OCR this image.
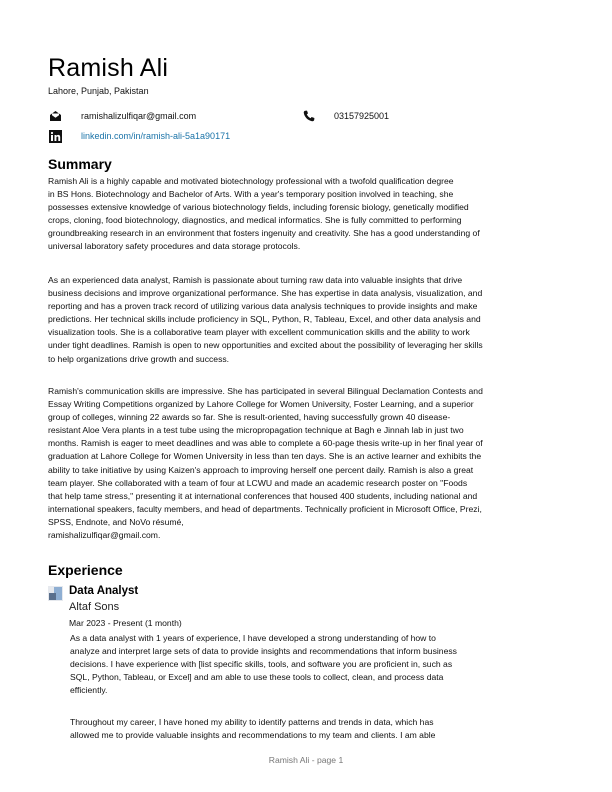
Ramish Ali
Lahore, Punjab, Pakistan
ramishalizulfiqar@gmail.com	03157925001
linkedin.com/in/ramish-ali-5a1a90171
Summary
Ramish Ali is a highly capable and motivated biotechnology professional with a twofold qualification degree
in BS Hons. Biotechnology and Bachelor of Arts. With a year's temporary position involved in teaching, she
possesses extensive knowledge of various biotechnology fields, including forensic biology, genetically modified
crops, cloning, food biotechnology, diagnostics, and medical informatics. She is fully committed to performing
groundbreaking research in an environment that fosters ingenuity and creativity. She has a good understanding of
universal laboratory safety procedures and data storage protocols.
As an experienced data analyst, Ramish is passionate about turning raw data into valuable insights that drive
business decisions and improve organizational performance. She has expertise in data analysis, visualization, and
reporting and has a proven track record of utilizing various data analysis techniques to provide insights and make
predictions. Her technical skills include proficiency in SQL, Python, R, Tableau, Excel, and other data analysis and
visualization tools. She is a collaborative team player with excellent communication skills and the ability to work
under tight deadlines. Ramish is open to new opportunities and excited about the possibility of leveraging her skills
to help organizations drive growth and success.
Ramish's communication skills are impressive. She has participated in several Bilingual Declamation Contests and
Essay Writing Competitions organized by Lahore College for Women University, Foster Learning, and a superior
group of colleges, winning 22 awards so far. She is result-oriented, having successfully grown 40 disease-
resistant Aloe Vera plants in a test tube using the micropropagation technique at Bagh e Jinnah lab in just two
months. Ramish is eager to meet deadlines and was able to complete a 60-page thesis write-up in her final year of
graduation at Lahore College for Women University in less than ten days. She is an active learner and exhibits the
ability to take initiative by using Kaizen's approach to improving herself one percent daily. Ramish is also a great
team player. She collaborated with a team of four at LCWU and made an academic research poster on "Foods
that help tame stress," presenting it at international conferences that housed 400 students, including national and
international speakers, faculty members, and head of departments. Technically proficient in Microsoft Office, Prezi,
SPSS, Endnote, and NoVo résumé,
ramishalizulfiqar@gmail.com.
Experience
Data Analyst
Altaf Sons
Mar 2023 - Present (1 month)
As a data analyst with 1 years of experience, I have developed a strong understanding of how to
analyze and interpret large sets of data to provide insights and recommendations that inform business
decisions. I have experience with [list specific skills, tools, and software you are proficient in, such as
SQL, Python, Tableau, or Excel] and am able to use these tools to collect, clean, and process data
efficiently.
Throughout my career, I have honed my ability to identify patterns and trends in data, which has
allowed me to provide valuable insights and recommendations to my team and clients. I am able
Ramish Ali - page 1
